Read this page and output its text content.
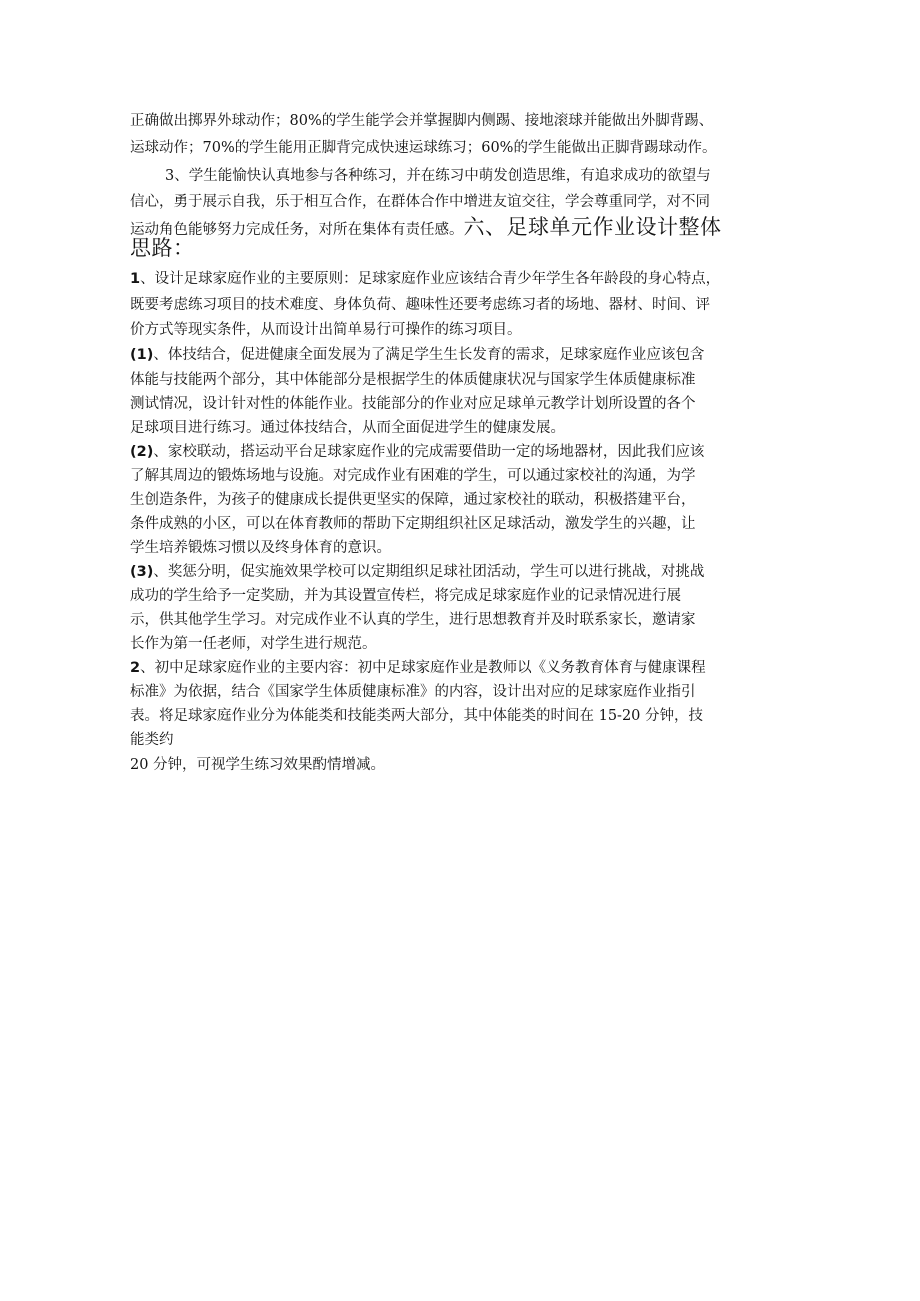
正确做出掷界外球动作；80%的学生能学会并掌握脚内侧踢、接地滚球并能做出外脚背踢、
运球动作；70%的学生能用正脚背完成快速运球练习；60%的学生能做出正脚背踢球动作。
3、学生能愉快认真地参与各种练习，并在练习中萌发创造思维，有追求成功的欲望与
信心，勇于展示自我，乐于相互合作，在群体合作中增进友谊交往，学会尊重同学，对不同
运动角色能够努力完成任务，对所在集体有责任感。六、足球单元作业设计整体
思路：
1、设计足球家庭作业的主要原则：足球家庭作业应该结合青少年学生各年龄段的身心特点，
既要考虑练习项目的技术难度、身体负荷、趣味性还要考虑练习者的场地、器材、时间、评
价方式等现实条件，从而设计出简单易行可操作的练习项目。
(1)、体技结合，促进健康全面发展为了满足学生生长发育的需求，足球家庭作业应该包含
体能与技能两个部分，其中体能部分是根据学生的体质健康状况与国家学生体质健康标准
测试情况，设计针对性的体能作业。技能部分的作业对应足球单元教学计划所设置的各个
足球项目进行练习。通过体技结合，从而全面促进学生的健康发展。
(2)、家校联动，搭运动平台足球家庭作业的完成需要借助一定的场地器材，因此我们应该
了解其周边的锻炼场地与设施。对完成作业有困难的学生，可以通过家校社的沟通，为学
生创造条件，为孩子的健康成长提供更坚实的保障，通过家校社的联动，积极搭建平台，
条件成熟的小区，可以在体育教师的帮助下定期组织社区足球活动，激发学生的兴趣，让
学生培养锻炼习惯以及终身体育的意识。
(3)、奖惩分明，促实施效果学校可以定期组织足球社团活动，学生可以进行挑战，对挑战
成功的学生给予一定奖励，并为其设置宣传栏，将完成足球家庭作业的记录情况进行展
示，供其他学生学习。对完成作业不认真的学生，进行思想教育并及时联系家长，邀请家
长作为第一任老师，对学生进行规范。
2、初中足球家庭作业的主要内容：初中足球家庭作业是教师以《义务教育体育与健康课程
标准》为依据，结合《国家学生体质健康标准》的内容，设计出对应的足球家庭作业指引
表。将足球家庭作业分为体能类和技能类两大部分，其中体能类的时间在 15-20 分钟，技
能类约
20 分钟，可视学生练习效果酌情增减。
